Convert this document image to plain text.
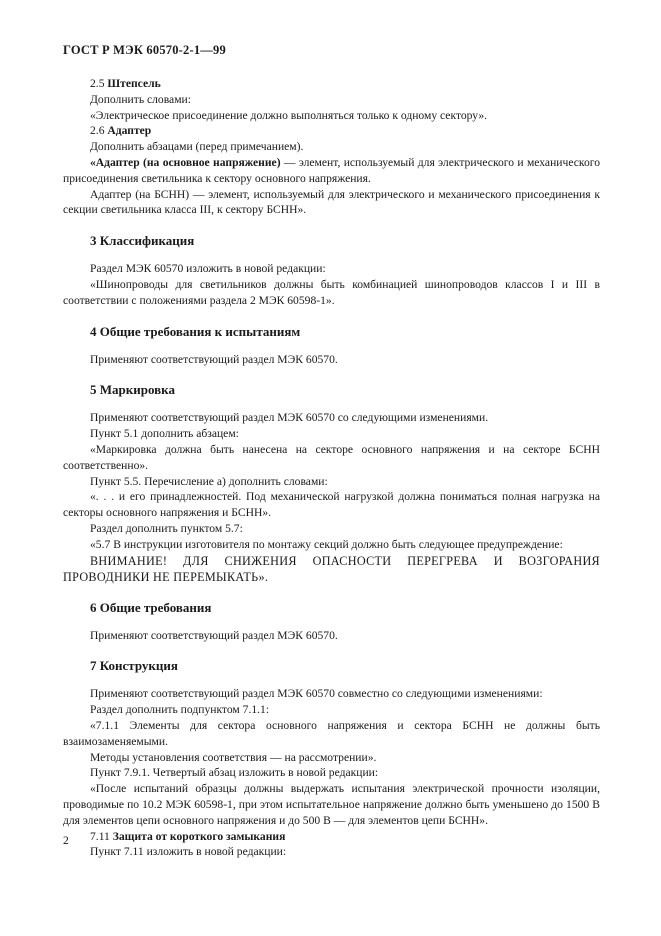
ГОСТ Р МЭК 60570-2-1—99

2.5 Штепсель

Дополнить словами:

«Электрическое присоединение должно выполняться только к одному сектору».

2.6 Адаптер

Дополнить абзацами (перед примечанием).

«Адаптер (на основное напряжение) — элемент, используемый для электрического и механического присоединения светильника к сектору основного напряжения.

Адаптер (на БСНН) — элемент, используемый для электрического и механического присоединения к секции светильника класса III, к сектору БСНН».

3 Классификация

Раздел МЭК 60570 изложить в новой редакции:

«Шинопроводы для светильников должны быть комбинацией шинопроводов классов I и III в соответствии с положениями раздела 2 МЭК 60598-1».

4 Общие требования к испытаниям

Применяют соответствующий раздел МЭК 60570.

5 Маркировка

Применяют соответствующий раздел МЭК 60570 со следующими изменениями.

Пункт 5.1 дополнить абзацем:

«Маркировка должна быть нанесена на секторе основного напряжения и на секторе БСНН соответственно».

Пункт 5.5. Перечисление а) дополнить словами:

«. . . и его принадлежностей. Под механической нагрузкой должна пониматься полная нагрузка на секторы основного напряжения и БСНН».

Раздел дополнить пунктом 5.7:

«5.7 В инструкции изготовителя по монтажу секций должно быть следующее предупреждение:

ВНИМАНИЕ! ДЛЯ СНИЖЕНИЯ ОПАСНОСТИ ПЕРЕГРЕВА И ВОЗГОРАНИЯ ПРОВОДНИКИ НЕ ПЕРЕМЫКАТЬ».

6 Общие требования

Применяют соответствующий раздел МЭК 60570.

7 Конструкция

Применяют соответствующий раздел МЭК 60570 совместно со следующими изменениями:

Раздел дополнить подпунктом 7.1.1:

«7.1.1 Элементы для сектора основного напряжения и сектора БСНН не должны быть взаимозаменяемыми.

Методы установления соответствия — на рассмотрении».

Пункт 7.9.1. Четвертый абзац изложить в новой редакции:

«После испытаний образцы должны выдержать испытания электрической прочности изоляции, проводимые по 10.2 МЭК 60598-1, при этом испытательное напряжение должно быть уменьшено до 1500 В для элементов цепи основного напряжения и до 500 В — для элементов цепи БСНН».

7.11 Защита от короткого замыкания

Пункт 7.11 изложить в новой редакции:

2
